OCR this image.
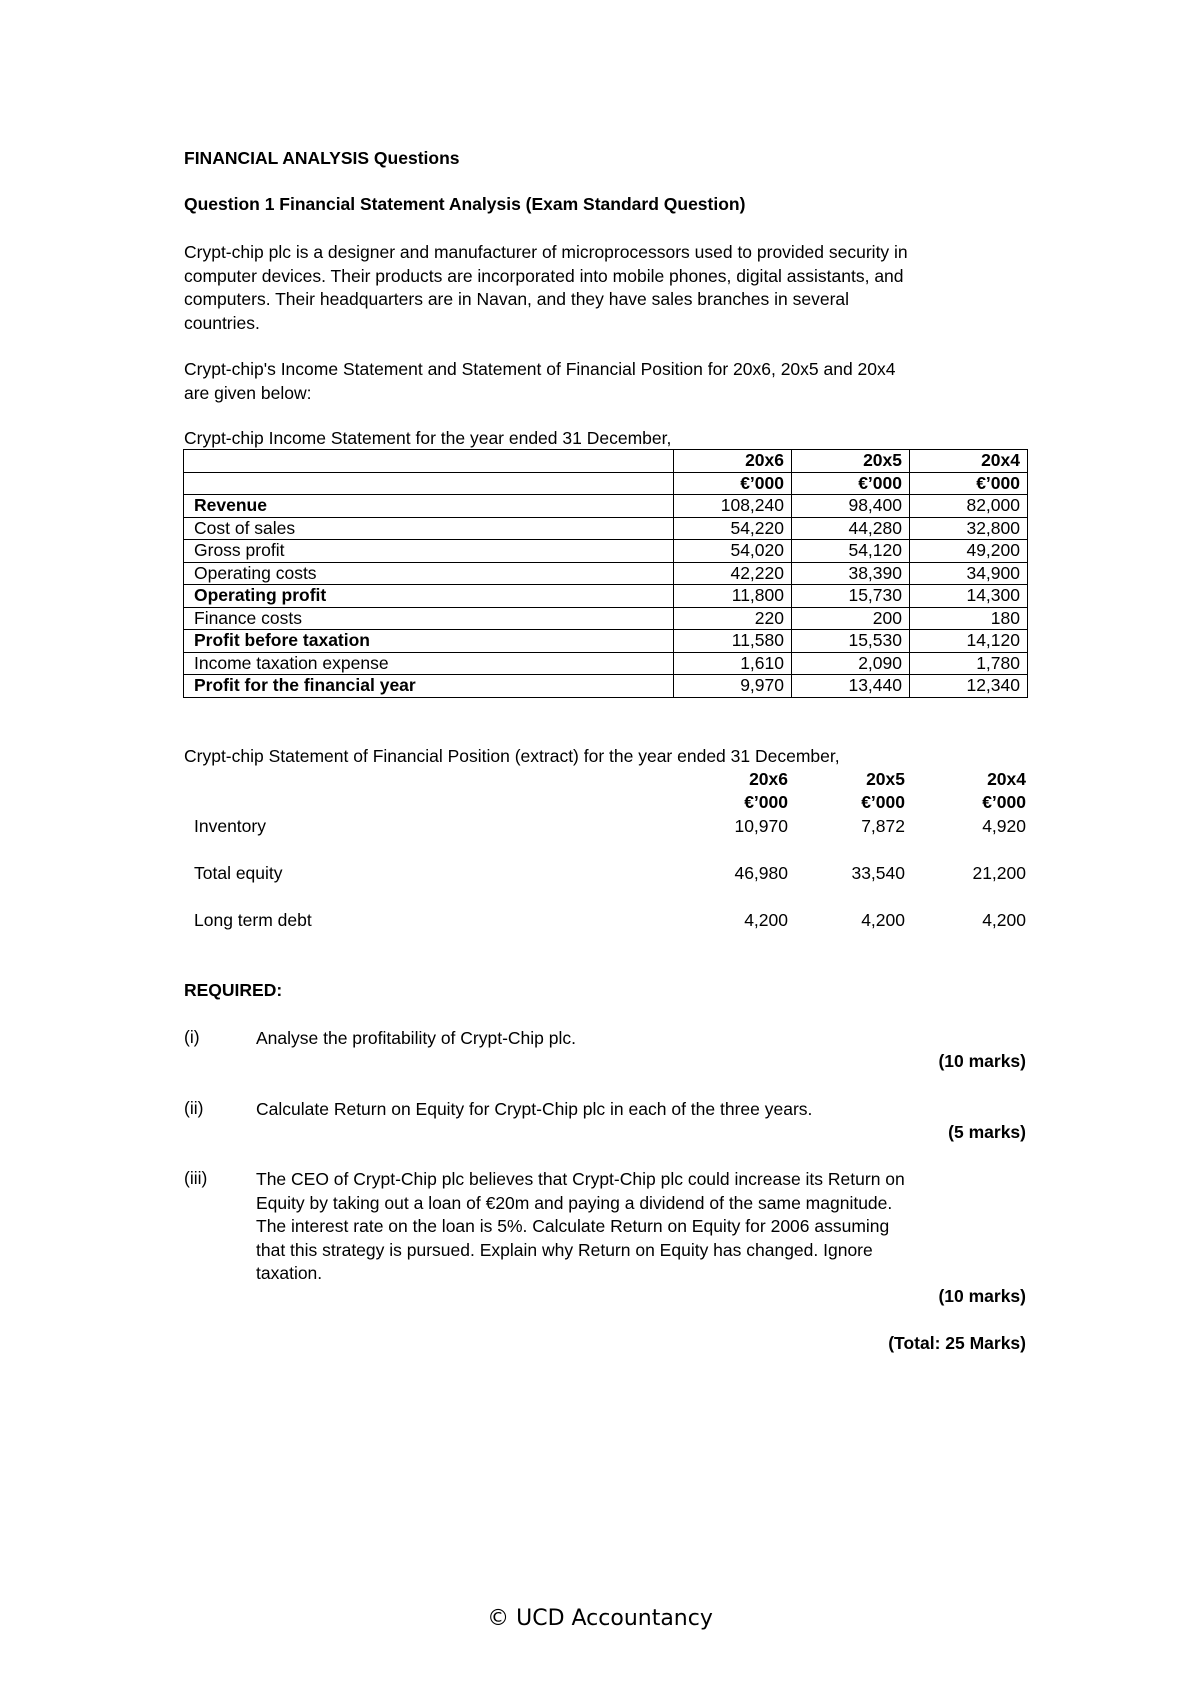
FINANCIAL ANALYSIS Questions
Question 1 Financial Statement Analysis (Exam Standard Question)
Crypt-chip plc is a designer and manufacturer of microprocessors used to provided security in
computer devices. Their products are incorporated into mobile phones, digital assistants, and
computers. Their headquarters are in Navan, and they have sales branches in several
countries.
Crypt-chip's Income Statement and Statement of Financial Position for 20x6, 20x5 and 20x4
are given below:
Crypt-chip Income Statement for the year ended 31 December,
	20x6	20x5	20x4
	€’000	€’000	€’000
Revenue	108,240	98,400	82,000
Cost of sales	54,220	44,280	32,800
Gross profit	54,020	54,120	49,200
Operating costs	42,220	38,390	34,900
Operating profit	11,800	15,730	14,300
Finance costs	220	200	180
Profit before taxation	11,580	15,530	14,120
Income taxation expense	1,610	2,090	1,780
Profit for the financial year	9,970	13,440	12,340
Crypt-chip Statement of Financial Position (extract) for the year ended 31 December,
20x6	20x5	20x4
€’000	€’000	€’000
Inventory	10,970	7,872	4,920
Total equity	46,980	33,540	21,200
Long term debt	4,200	4,200	4,200
REQUIRED:
(i)	Analyse the profitability of Crypt-Chip plc.
(10 marks)
(ii)	Calculate Return on Equity for Crypt-Chip plc in each of the three years.
(5 marks)
(iii)	The CEO of Crypt-Chip plc believes that Crypt-Chip plc could increase its Return on
Equity by taking out a loan of €20m and paying a dividend of the same magnitude.
The interest rate on the loan is 5%. Calculate Return on Equity for 2006 assuming
that this strategy is pursued. Explain why Return on Equity has changed. Ignore
taxation.
(10 marks)
(Total: 25 Marks)
© UCD Accountancy
